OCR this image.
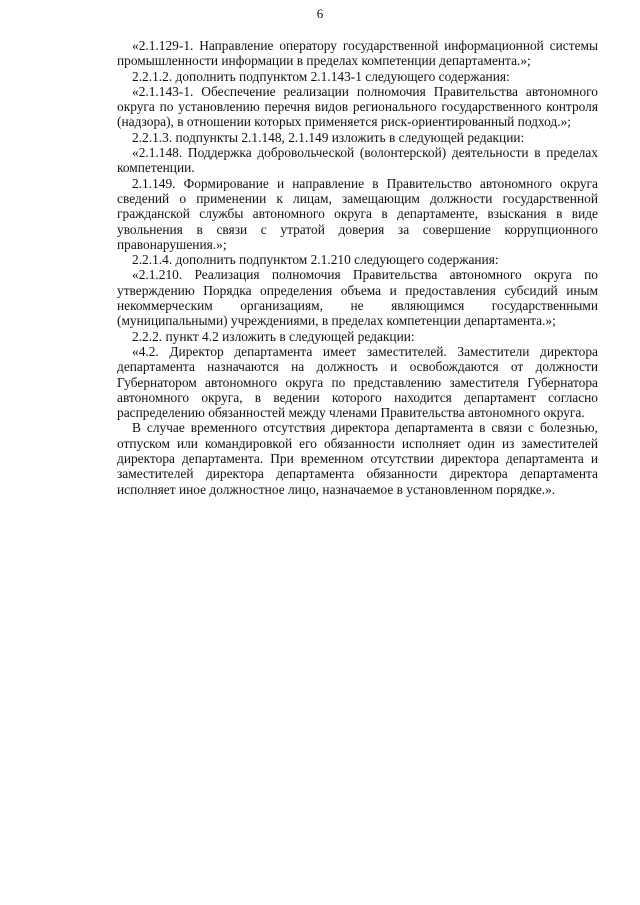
6

«2.1.129-1. Направление оператору государственной информационной системы промышленности информации в пределах компетенции департамента.»;

2.2.1.2. дополнить подпунктом 2.1.143-1 следующего содержания:

«2.1.143-1. Обеспечение реализации полномочия Правительства автономного округа по установлению перечня видов регионального государственного контроля (надзора), в отношении которых применяется риск-ориентированный подход.»;

2.2.1.3. подпункты 2.1.148, 2.1.149 изложить в следующей редакции:

«2.1.148. Поддержка добровольческой (волонтерской) деятельности в пределах компетенции.

2.1.149. Формирование и направление в Правительство автономного округа сведений о применении к лицам, замещающим должности государственной гражданской службы автономного округа в департаменте, взыскания в виде увольнения в связи с утратой доверия за совершение коррупционного правонарушения.»;

2.2.1.4. дополнить подпунктом 2.1.210 следующего содержания:

«2.1.210. Реализация полномочия Правительства автономного округа по утверждению Порядка определения объема и предоставления субсидий иным некоммерческим организациям, не являющимся государственными (муниципальными) учреждениями, в пределах компетенции департамента.»;

2.2.2. пункт 4.2 изложить в следующей редакции:

«4.2. Директор департамента имеет заместителей. Заместители директора департамента назначаются на должность и освобождаются от должности Губернатором автономного округа по представлению заместителя Губернатора автономного округа, в ведении которого находится департамент согласно распределению обязанностей между членами Правительства автономного округа.

В случае временного отсутствия директора департамента в связи с болезнью, отпуском или командировкой его обязанности исполняет один из заместителей директора департамента. При временном отсутствии директора департамента и заместителей директора департамента обязанности директора департамента исполняет иное должностное лицо, назначаемое в установленном порядке.».
